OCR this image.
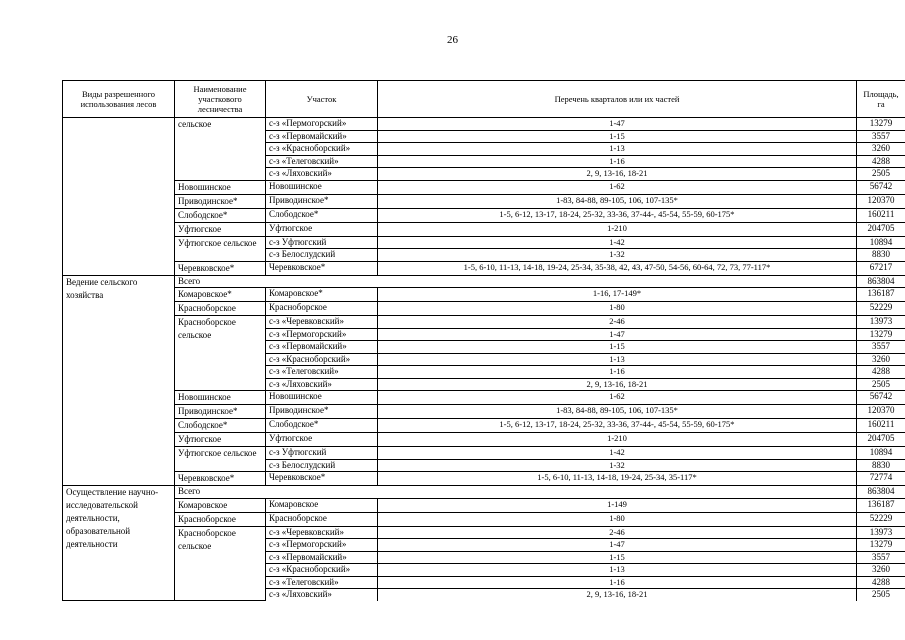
26
Виды разрешенного использования лесов	Наименование участкового лесничества	Участок	Перечень кварталов или их частей	Площадь, га
	сельское	с-з «Пермогорский»	1-47	13279
		с-з «Первомайский»	1-15	3557
		с-з «Красноборский»	1-13	3260
		с-з «Телеговский»	1-16	4288
		с-з «Ляховский»	2, 9, 13-16, 18-21	2505
	Новошинское	Новошинское	1-62	56742
	Приводинское*	Приводинское*	1-83, 84-88, 89-105, 106, 107-135*	120370
	Слободское*	Слободское*	1-5, 6-12, 13-17, 18-24, 25-32, 33-36, 37-44-, 45-54, 55-59, 60-175*	160211
	Уфтюгское	Уфтюгское	1-210	204705
	Уфтюгское сельское	с-з Уфтюгский	1-42	10894
		с-з Белослудский	1-32	8830
	Черевковское*	Черевковское*	1-5, 6-10, 11-13, 14-18, 19-24, 25-34, 35-38, 42, 43, 47-50, 54-56, 60-64, 72, 73, 77-117*	67217
Ведение сельского хозяйства	Всего			863804
	Комаровское*	Комаровское*	1-16, 17-149*	136187
	Красноборское	Красноборское	1-80	52229
	Красноборское сельское	с-з «Черевковский»	2-46	13973
		с-з «Пермогорский»	1-47	13279
		с-з «Первомайский»	1-15	3557
		с-з «Красноборский»	1-13	3260
		с-з «Телеговский»	1-16	4288
		с-з «Ляховский»	2, 9, 13-16, 18-21	2505
	Новошинское	Новошинское	1-62	56742
	Приводинское*	Приводинское*	1-83, 84-88, 89-105, 106, 107-135*	120370
	Слободское*	Слободское*	1-5, 6-12, 13-17, 18-24, 25-32, 33-36, 37-44-, 45-54, 55-59, 60-175*	160211
	Уфтюгское	Уфтюгское	1-210	204705
	Уфтюгское сельское	с-з Уфтюгский	1-42	10894
		с-з Белослудский	1-32	8830
	Черевковское*	Черевковское*	1-5, 6-10, 11-13, 14-18, 19-24, 25-34, 35-117*	72774
Осуществление научно-исследовательской деятельности, образовательной деятельности	Всего			863804
	Комаровское	Комаровское	1-149	136187
	Красноборское	Красноборское	1-80	52229
	Красноборское сельское	с-з «Черевковский»	2-46	13973
		с-з «Пермогорский»	1-47	13279
		с-з «Первомайский»	1-15	3557
		с-з «Красноборский»	1-13	3260
		с-з «Телеговский»	1-16	4288
		с-з «Ляховский»	2, 9, 13-16, 18-21	2505
